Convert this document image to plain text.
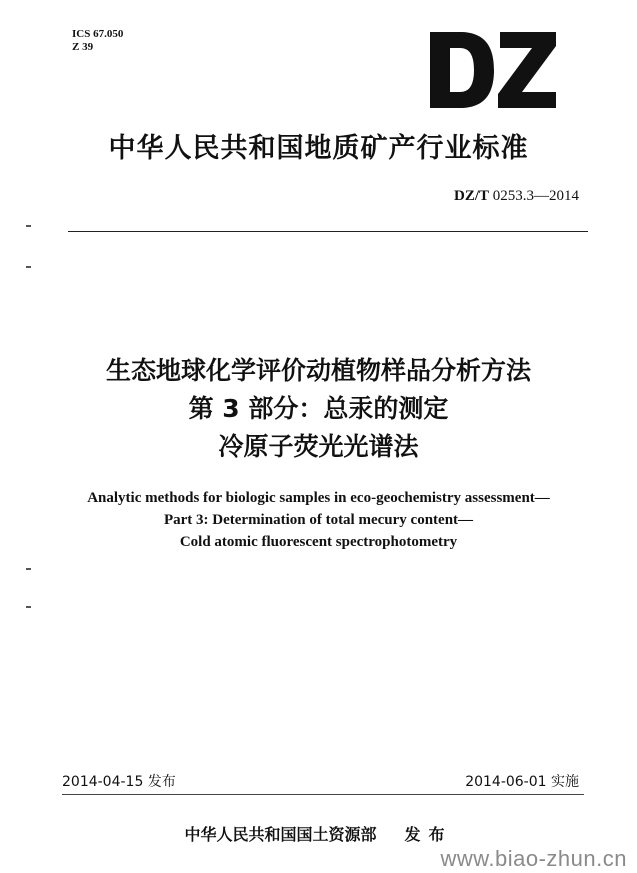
ICS 67.050
Z 39
中华人民共和国地质矿产行业标准
DZ/T 0253.3—2014
生态地球化学评价动植物样品分析方法
第 3 部分：总汞的测定
冷原子荧光光谱法
Analytic methods for biologic samples in eco-geochemistry assessment—
Part 3: Determination of total mecury content—
Cold atomic fluorescent spectrophotometry
2014-04-15 发布	2014-06-01 实施
中华人民共和国国土资源部 发布
www.biao-zhun.cn
